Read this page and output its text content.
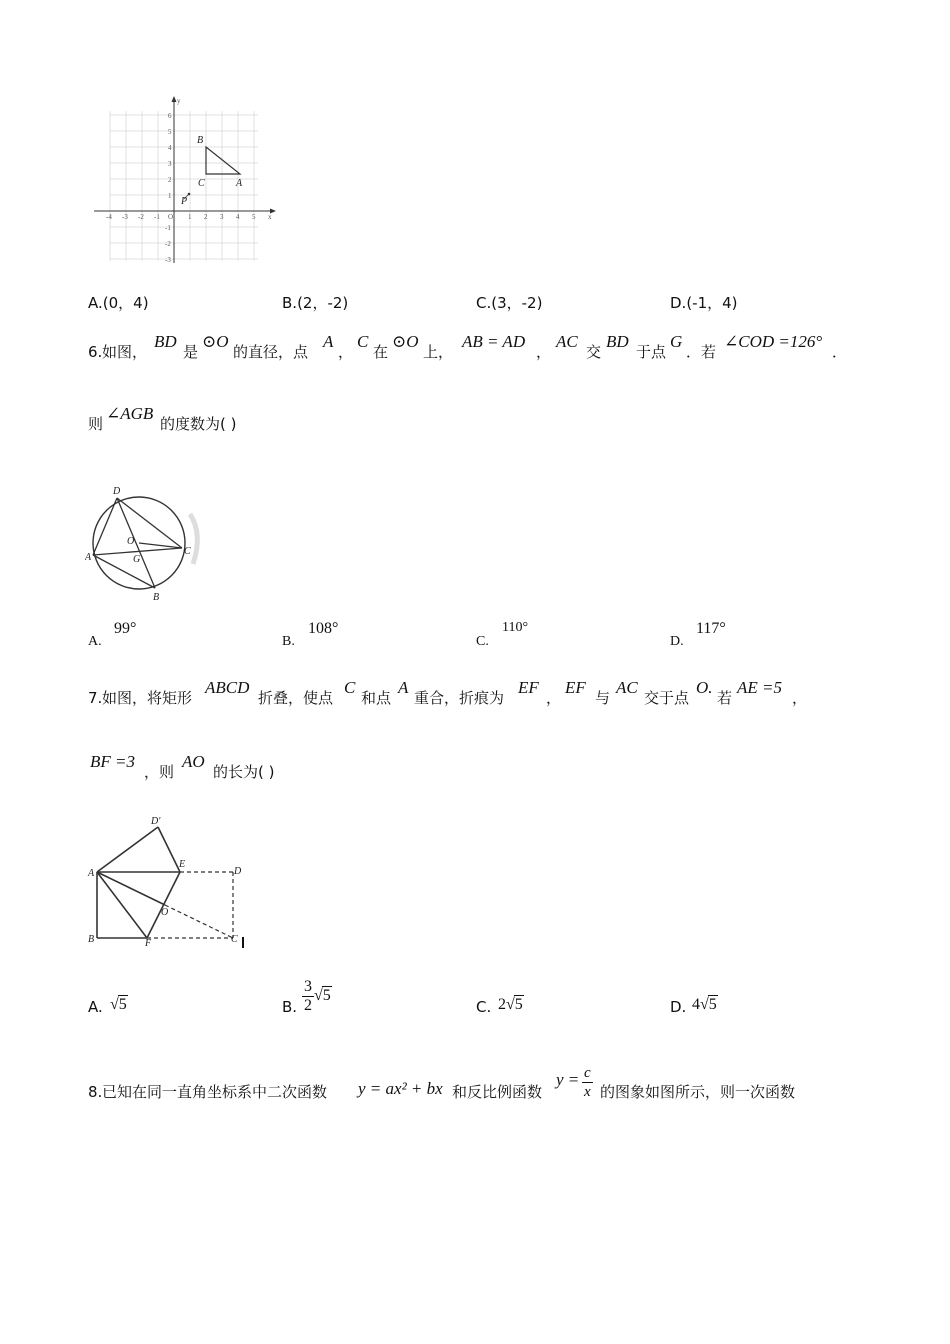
x
y
O
-4 -3 -2 -1	1 2 3 4 5
6
5
4
3
2
1
-1
-2
-3
B
C	A
P
A.(0，4)	B.(2，-2)	C.(3，-2)	D.(-1，4)
6. 如图，
BD
是
⊙O
的直径，点
A
，
C
在
⊙O
上，
AB = AD
，
AC
交
BD
于点
G
．若
∠COD =126°
．
则
∠AGB
的度数为( )
D
A
O
G
C
B
A.
99°
B.
108°
C.
110°
D.
117°
7. 如图，将矩形
ABCD
折叠，使点
C
和点
A
重合，折痕为
EF
，
EF
与
AC
交于点
O.
若
AE =5
，
BF =3
，则
AO
的长为( )
D'
A
E
D
O
B	F	C
A. √5	B. $\frac{3}{2} √5$
C. 2√5	D. 4√5
8. 已知在同一直角坐标系中二次函数 y = ax² + bx 和反比例函数
$y = \frac{c}{x}$ 的图象如图所示，则一次函数
